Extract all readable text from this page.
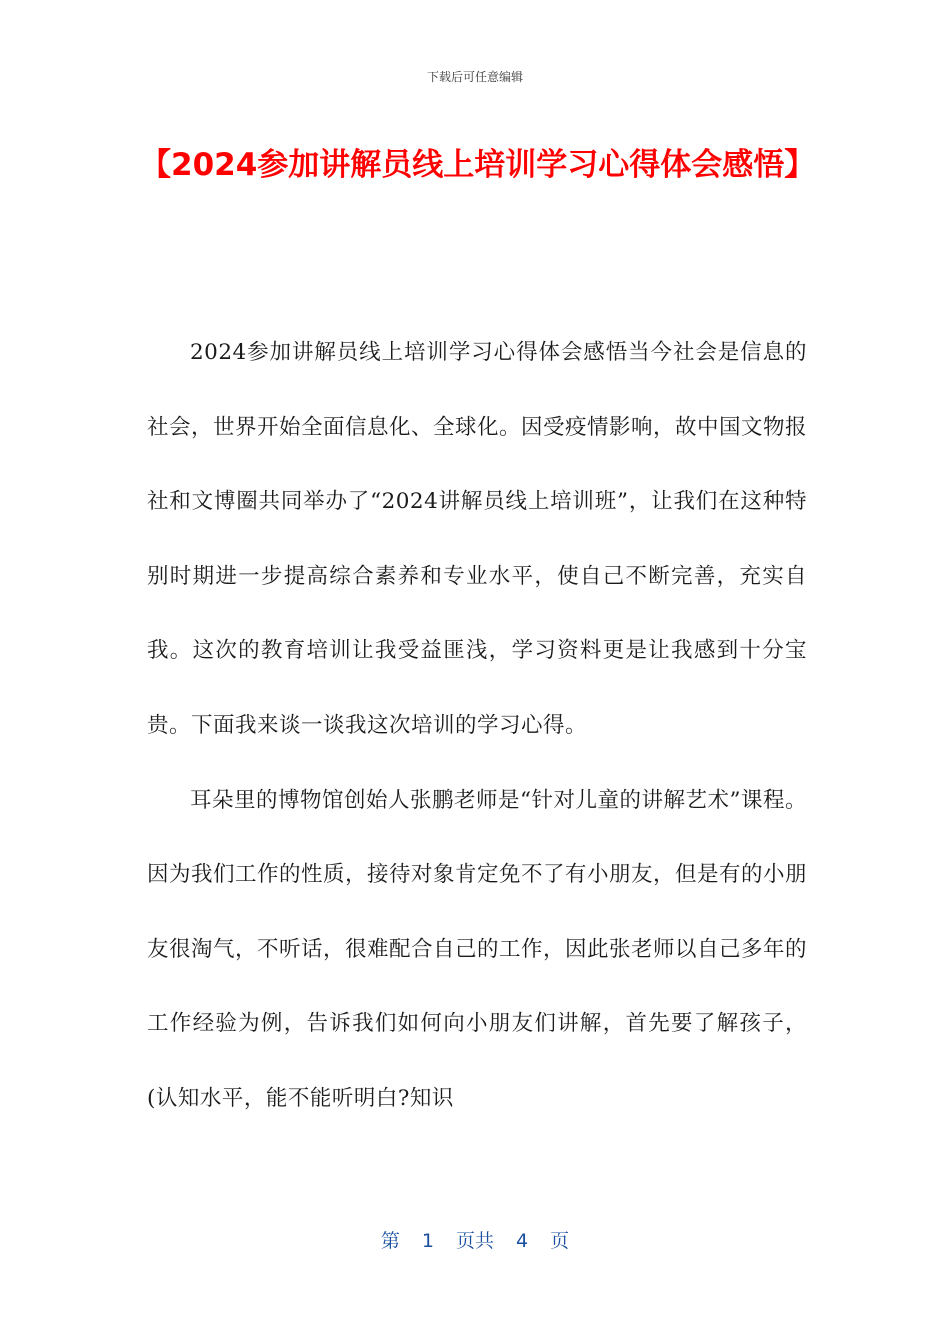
下载后可任意编辑
【2024参加讲解员线上培训学习心得体会感悟】

2024参加讲解员线上培训学习心得体会感悟当今社会是信息的社会，世界开始全面信息化、全球化。因受疫情影响，故中国文物报社和文博圈共同举办了“2024讲解员线上培训班”，让我们在这种特别时期进一步提高综合素养和专业水平，使自己不断完善，充实自我。这次的教育培训让我受益匪浅，学习资料更是让我感到十分宝贵。下面我来谈一谈我这次培训的学习心得。

耳朵里的博物馆创始人张鹏老师是“针对儿童的讲解艺术”课程。因为我们工作的性质，接待对象肯定免不了有小朋友，但是有的小朋友很淘气，不听话，很难配合自己的工作，因此张老师以自己多年的工作经验为例，告诉我们如何向小朋友们讲解，首先要了解孩子，(认知水平，能不能听明白?知识

第 1 页共 4 页
